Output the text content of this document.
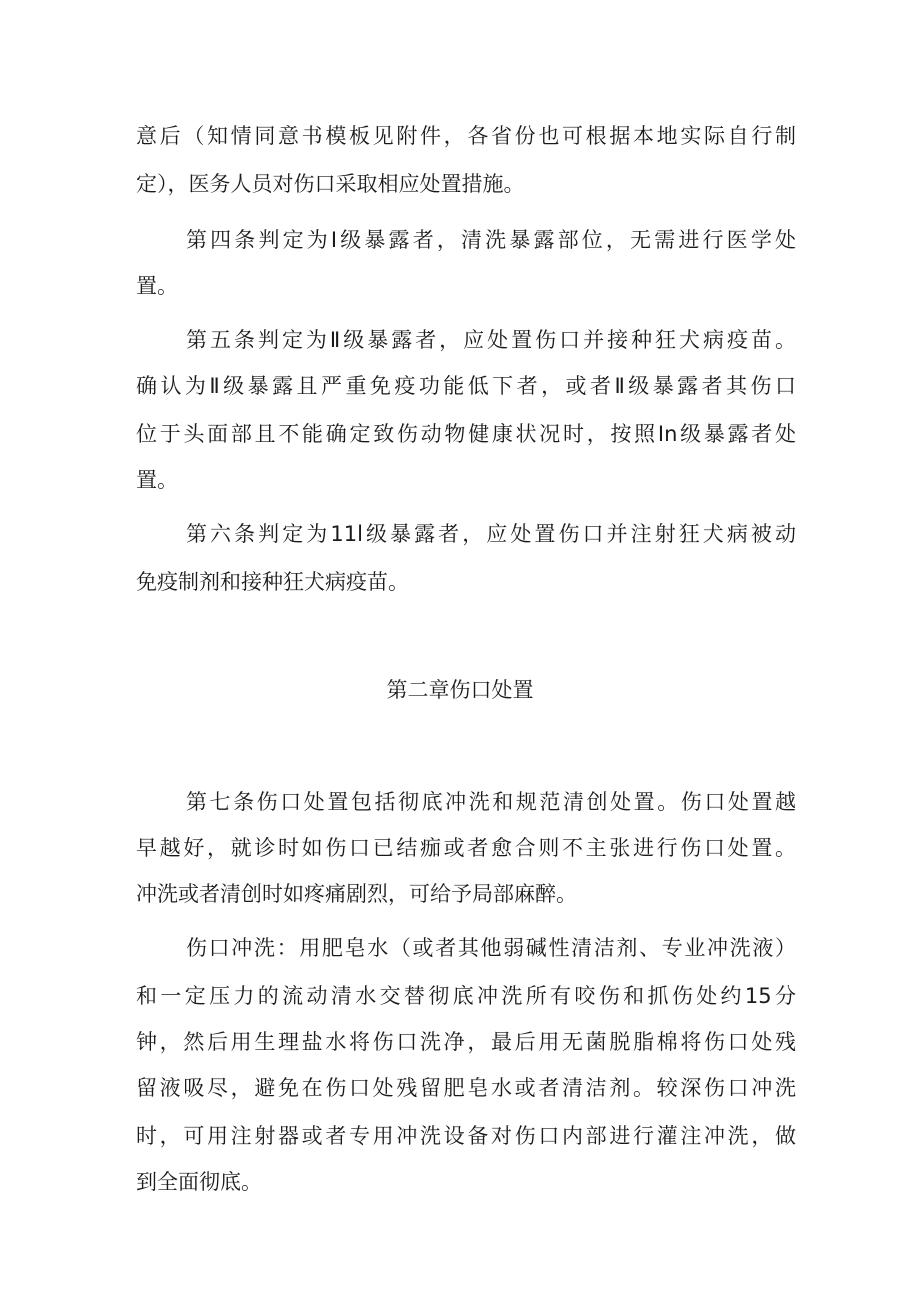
意后（知情同意书模板见附件，各省份也可根据本地实际自行制
定），医务人员对伤口采取相应处置措施。
第四条判定为Ⅰ级暴露者，清洗暴露部位，无需进行医学处
置。
第五条判定为Ⅱ级暴露者，应处置伤口并接种狂犬病疫苗。
确认为Ⅱ级暴露且严重免疫功能低下者，或者Ⅱ级暴露者其伤口
位于头面部且不能确定致伤动物健康状况时，按照In级暴露者处
置。
第六条判定为11l级暴露者，应处置伤口并注射狂犬病被动
免疫制剂和接种狂犬病疫苗。
第二章伤口处置
第七条伤口处置包括彻底冲洗和规范清创处置。伤口处置越
早越好，就诊时如伤口已结痂或者愈合则不主张进行伤口处置。
冲洗或者清创时如疼痛剧烈，可给予局部麻醉。
伤口冲洗：用肥皂水（或者其他弱碱性清洁剂、专业冲洗液）
和一定压力的流动清水交替彻底冲洗所有咬伤和抓伤处约15分
钟，然后用生理盐水将伤口洗净，最后用无菌脱脂棉将伤口处残
留液吸尽，避免在伤口处残留肥皂水或者清洁剂。较深伤口冲洗
时，可用注射器或者专用冲洗设备对伤口内部进行灌注冲洗，做
到全面彻底。
